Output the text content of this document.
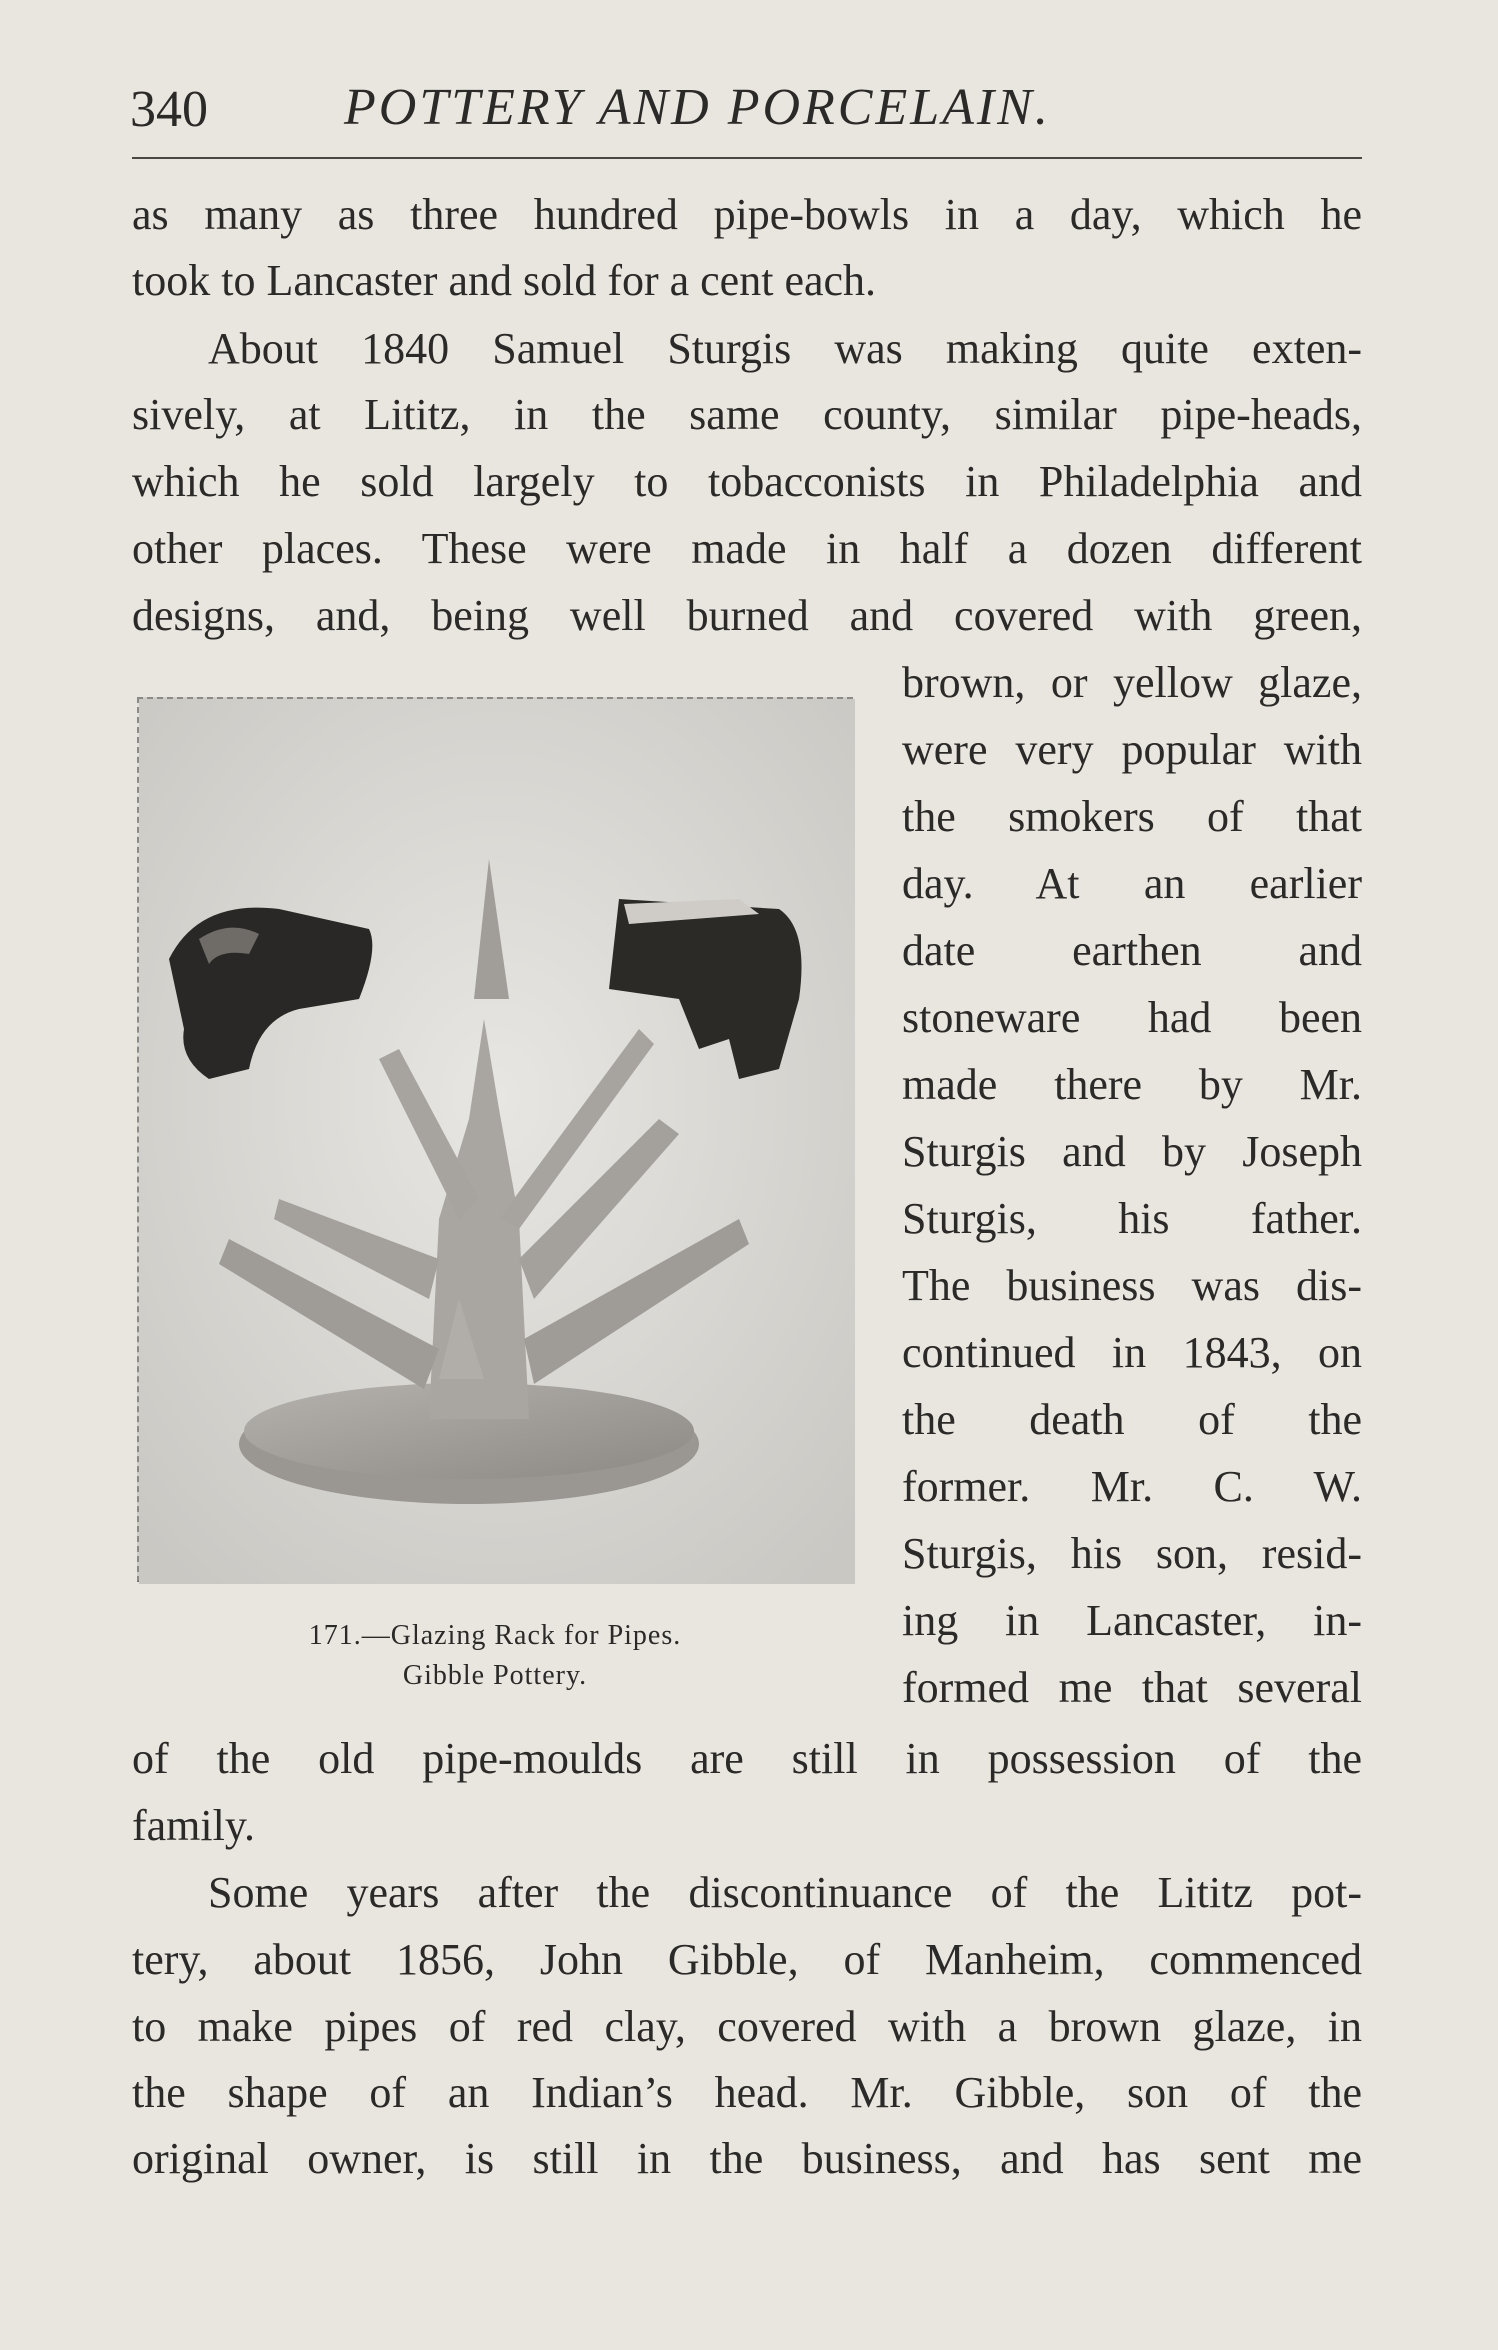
340	POTTERY AND PORCELAIN.
as many as three hundred pipe-bowls in a day, which he
took to Lancaster and sold for a cent each.
About 1840 Samuel Sturgis was making quite exten-
sively, at Lititz, in the same county, similar pipe-heads,
which he sold largely to tobacconists in Philadelphia and
other places. These were made in half a dozen different
designs, and, being well burned and covered with green,
171.—Glazing Rack for Pipes.
Gibble Pottery.
brown, or yellow glaze,
were very popular with
the smokers of that
day. At an earlier
date earthen and
stoneware had been
made there by Mr.
Sturgis and by Joseph
Sturgis, his father.
The business was dis-
continued in 1843, on
the death of the
former. Mr. C. W.
Sturgis, his son, resid-
ing in Lancaster, in-
formed me that several
of the old pipe-moulds are still in possession of the
family.
Some years after the discontinuance of the Lititz pot-
tery, about 1856, John Gibble, of Manheim, commenced
to make pipes of red clay, covered with a brown glaze, in
the shape of an Indian’s head. Mr. Gibble, son of the
original owner, is still in the business, and has sent me
